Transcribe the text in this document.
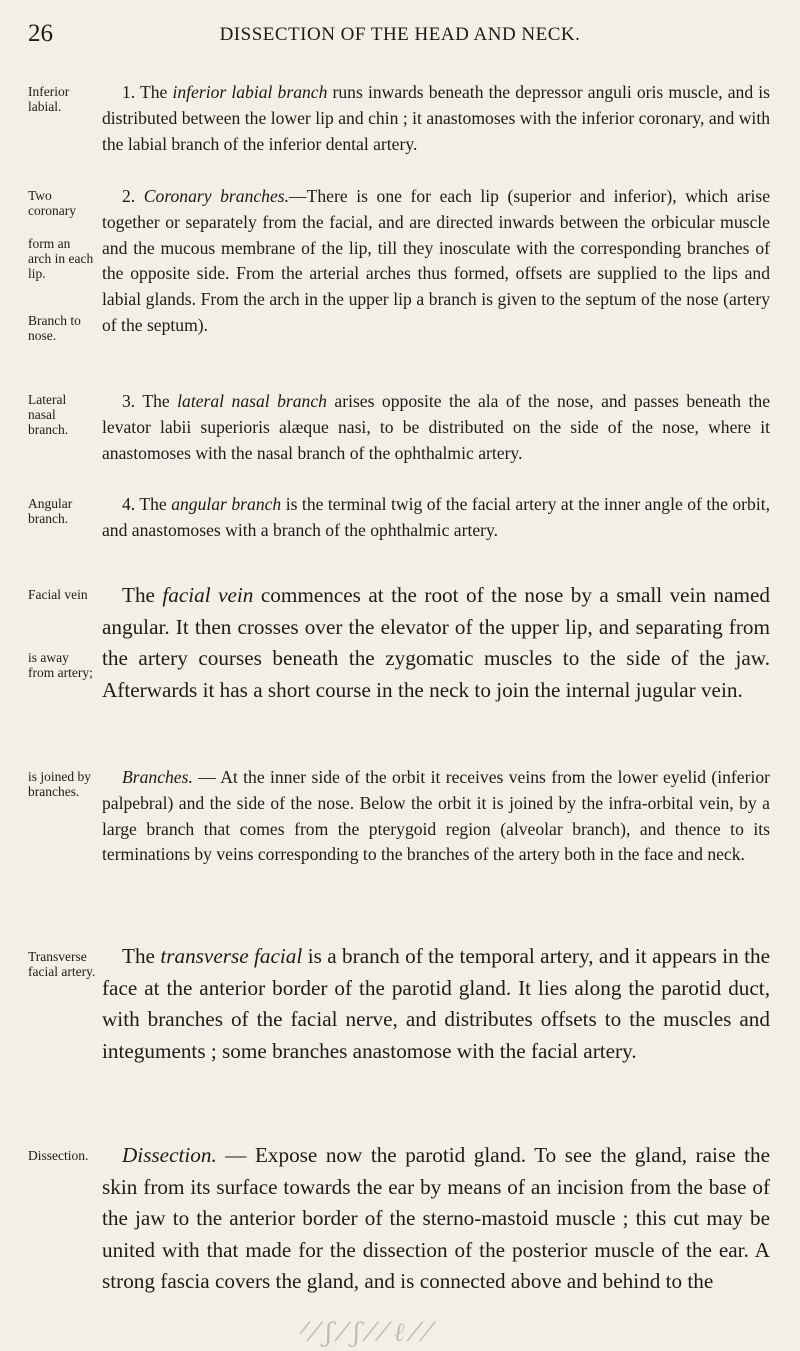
26	DISSECTION OF THE HEAD AND NECK.
Inferior labial.
1. The inferior labial branch runs inwards beneath the depressor anguli oris muscle, and is distributed between the lower lip and chin ; it anastomoses with the inferior coronary, and with the labial branch of the inferior dental artery.
Two coronary
form an arch in each lip.
Branch to nose.
2. Coronary branches.—There is one for each lip (superior and inferior), which arise together or separately from the facial, and are directed inwards between the orbicular muscle and the mucous membrane of the lip, till they inosculate with the corresponding branches of the opposite side. From the arterial arches thus formed, offsets are supplied to the lips and labial glands. From the arch in the upper lip a branch is given to the septum of the nose (artery of the septum).
Lateral nasal branch.
3. The lateral nasal branch arises opposite the ala of the nose, and passes beneath the levator labii superioris alæque nasi, to be distributed on the side of the nose, where it anastomoses with the nasal branch of the ophthalmic artery.
Angular branch.
4. The angular branch is the terminal twig of the facial artery at the inner angle of the orbit, and anastomoses with a branch of the ophthalmic artery.
Facial vein
is away from artery;
The facial vein commences at the root of the nose by a small vein named angular. It then crosses over the elevator of the upper lip, and separating from the artery courses beneath the zygomatic muscles to the side of the jaw. Afterwards it has a short course in the neck to join the internal jugular vein.
is joined by branches.
Branches. — At the inner side of the orbit it receives veins from the lower eyelid (inferior palpebral) and the side of the nose. Below the orbit it is joined by the infra-orbital vein, by a large branch that comes from the pterygoid region (alveolar branch), and thence to its terminations by veins corresponding to the branches of the artery both in the face and neck.
Transverse facial artery.
The transverse facial is a branch of the temporal artery, and it appears in the face at the anterior border of the parotid gland. It lies along the parotid duct, with branches of the facial nerve, and distributes offsets to the muscles and integuments ; some branches anastomose with the facial artery.
Dissection.	Dissection. — Expose now the parotid gland. To see the gland, raise the skin from its surface towards the ear by means of an incision from the base of the jaw to the anterior border of the sterno-mastoid muscle ; this cut may be united with that made for the dissection of the posterior muscle of the ear. A strong fascia covers the gland, and is connected above and behind to the
⁄ ⁄ ʃ ⁄ ʃ ⁄ ⁄ ℓ ⁄ ⁄
